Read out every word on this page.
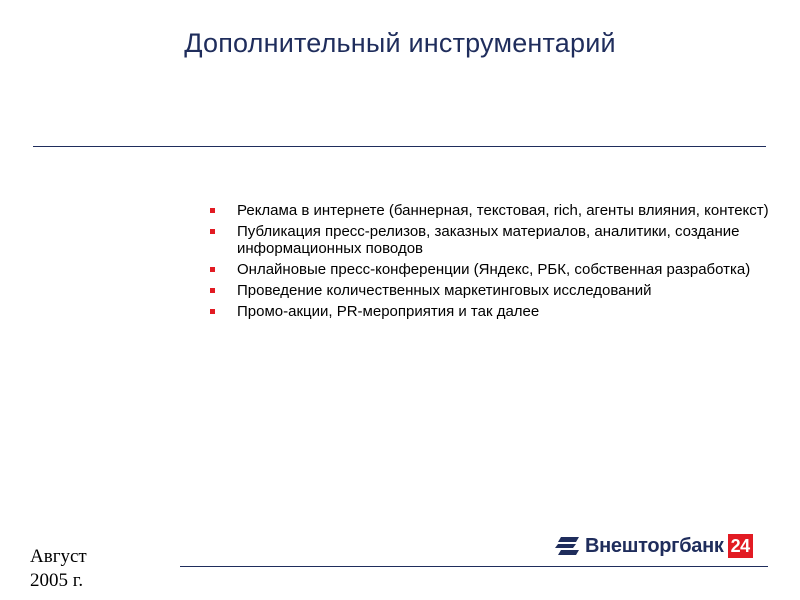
Дополнительный инструментарий
Реклама в интернете (баннерная, текстовая, rich, агенты влияния, контекст)
Публикация пресс-релизов, заказных материалов, аналитики, создание информационных поводов
Онлайновые пресс-конференции (Яндекс, РБК, собственная разработка)
Проведение количественных маркетинговых исследований
Промо-акции, PR-мероприятия и так далее
Август
2005 г.
Внешторгбанк 24
